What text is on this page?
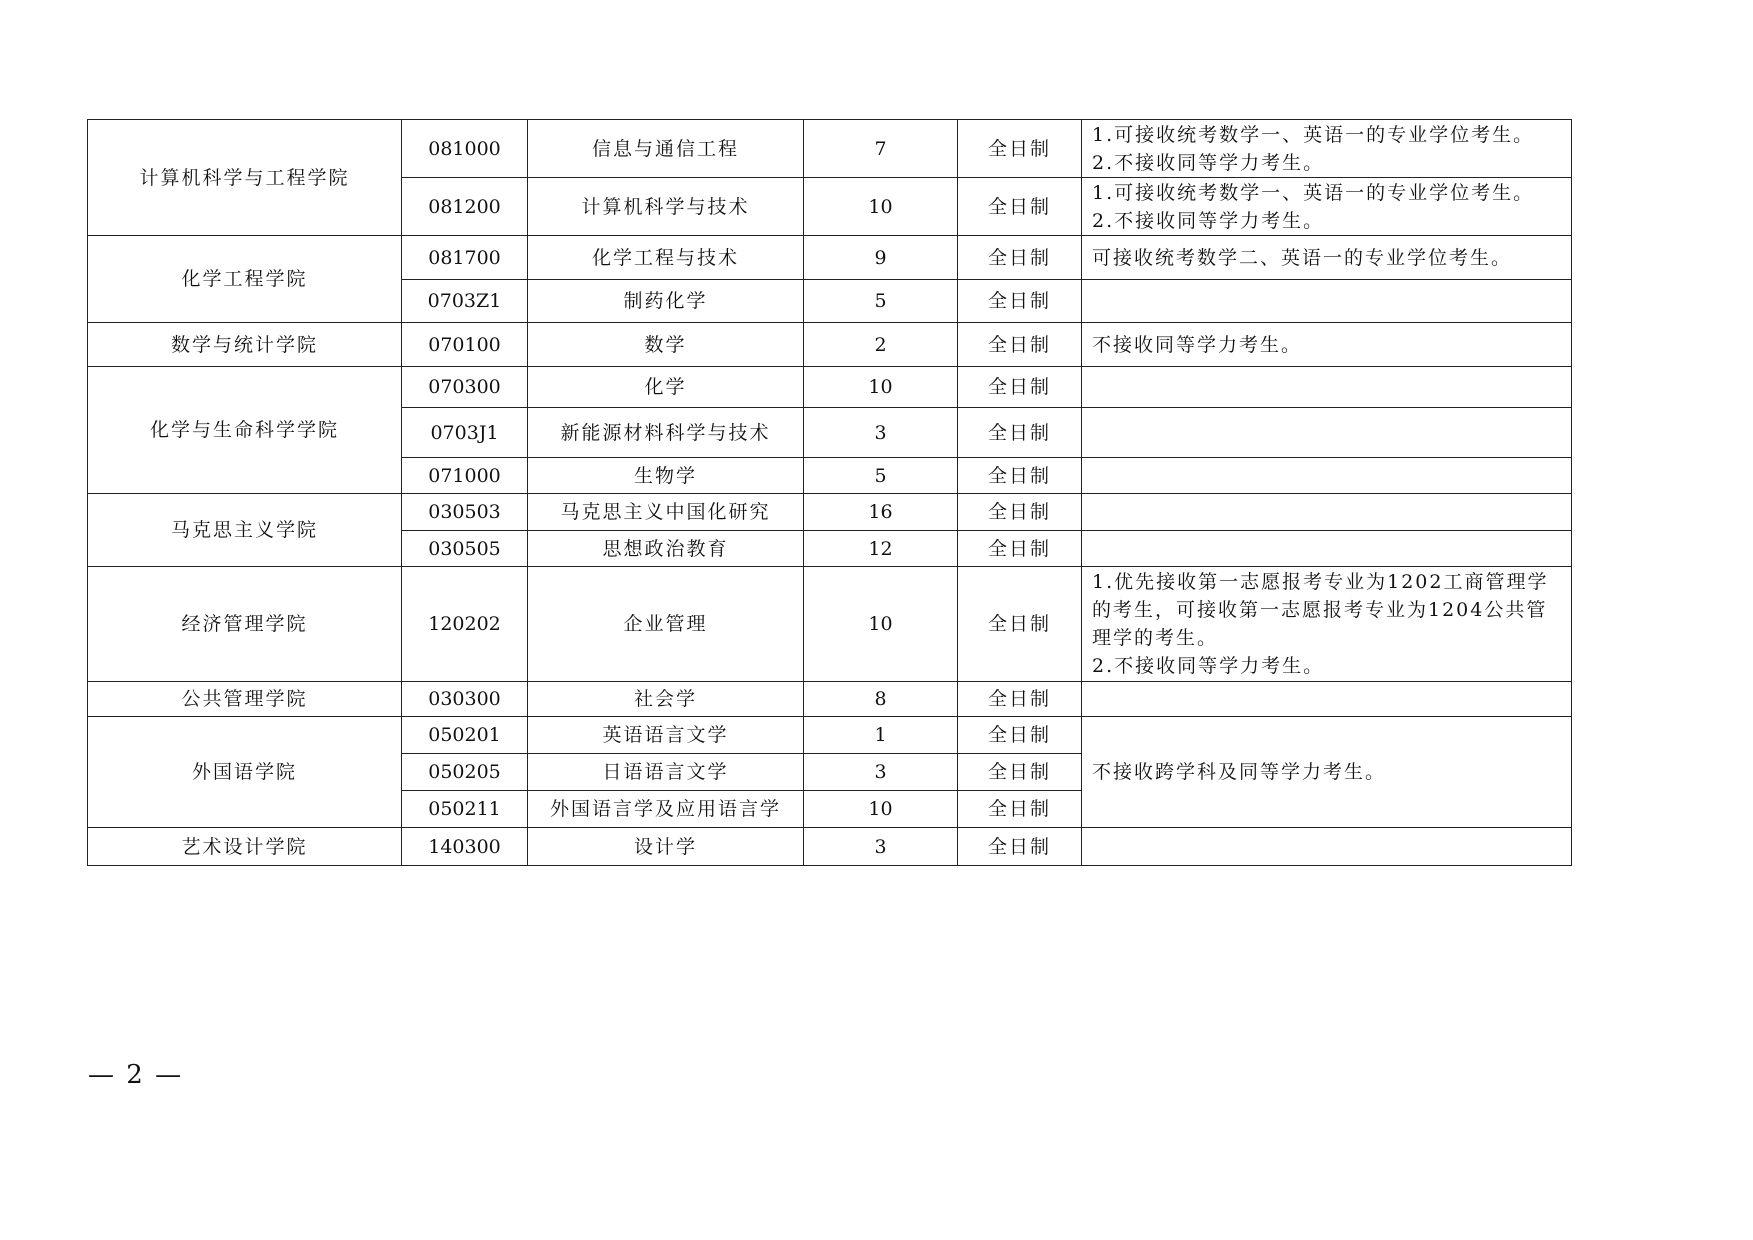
计算机科学与工程学院	081000	信息与通信工程	7	全日制	1.可接收统考数学一、英语一的专业学位考生。
2.不接收同等学力考生。

	081200	计算机科学与技术	10	全日制	1.可接收统考数学一、英语一的专业学位考生。
2.不接收同等学力考生。

化学工程学院	081700	化学工程与技术	9	全日制	可接收统考数学二、英语一的专业学位考生。

	0703Z1	制药化学	5	全日制	
数学与统计学院	070100	数学	2	全日制	不接收同等学力考生。

化学与生命科学学院	070300	化学	10	全日制	
	0703J1	新能源材料科学与技术	3	全日制	
	071000	生物学	5	全日制	
马克思主义学院	030503	马克思主义中国化研究	16	全日制	
	030505	思想政治教育	12	全日制	
经济管理学院	120202	企业管理	10	全日制	1.优先接收第一志愿报考专业为1202工商管理学的考生，可接收第一志愿报考专业为1204公共管理学的考生。
2.不接收同等学力考生。

公共管理学院	030300	社会学	8	全日制	
外国语学院	050201	英语语言文学	1	全日制	不接收跨学科及同等学力考生。
	050205	日语语言文学	3	全日制	
	050211	外国语言学及应用语言学	10	全日制	
艺术设计学院	140300	设计学	3	全日制	
— 2 —
